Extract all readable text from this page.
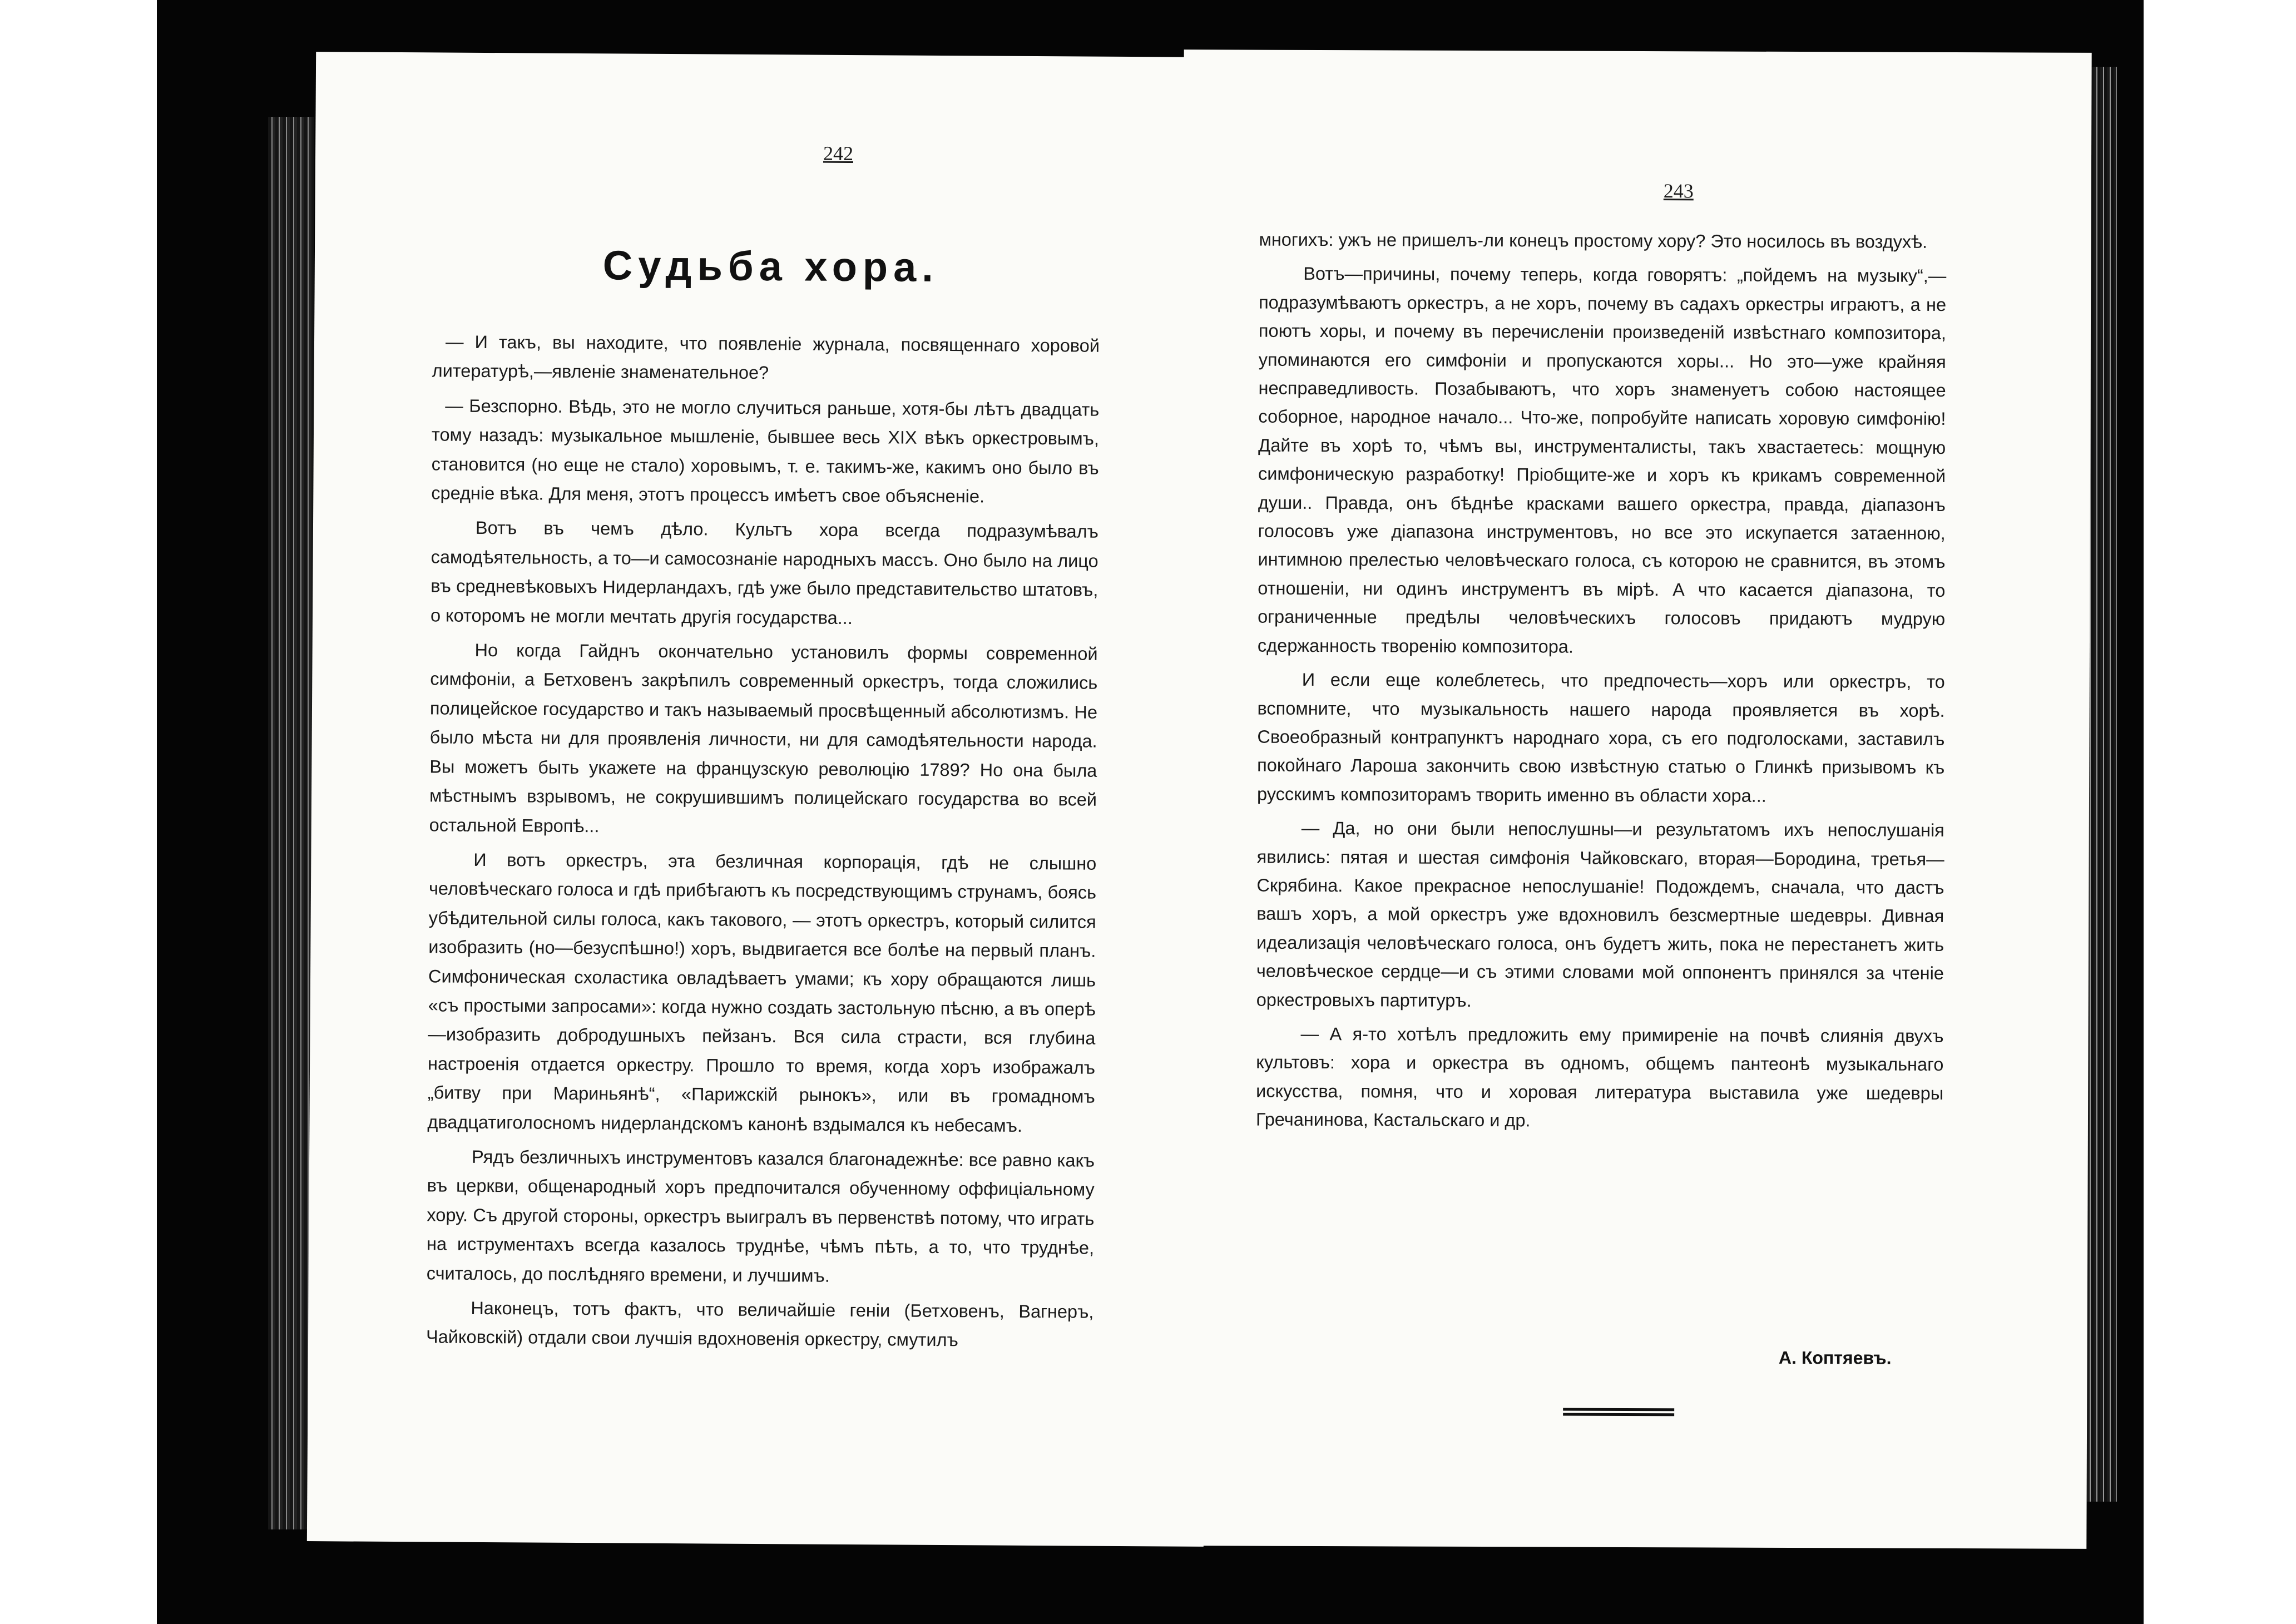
242
Судьба хора.

— И такъ, вы находите, что появленіе журнала, посвященнаго хоровой литературѣ,—явленіе знаменательное?

— Безспорно. Вѣдь, это не могло случиться раньше, хотя-бы лѣтъ двадцать тому назадъ: музыкальное мышленіе, бывшее весь XIX вѣкъ оркестровымъ, становится (но еще не стало) хоровымъ, т. е. такимъ-же, какимъ оно было въ средніе вѣка. Для меня, этотъ процессъ имѣетъ свое объясненіе.

Вотъ въ чемъ дѣло. Культъ хора всегда подразумѣвалъ самодѣятельность, а то—и самосознаніе народныхъ массъ. Оно было на лицо въ средневѣковыхъ Нидерландахъ, гдѣ уже было представительство штатовъ, о которомъ не могли мечтать другія государства...

Но когда Гайднъ окончательно установилъ формы современной симфоніи, а Бетховенъ закрѣпилъ современный оркестръ, тогда сложились полицейское государство и такъ называемый просвѣщенный абсолютизмъ. Не было мѣста ни для проявленія личности, ни для самодѣятельности народа. Вы можетъ быть укажете на французскую революцію 1789? Но она была мѣстнымъ взрывомъ, не сокрушившимъ полицейскаго государства во всей остальной Европѣ...

И вотъ оркестръ, эта безличная корпорація, гдѣ не слышно человѣческаго голоса и гдѣ прибѣгаютъ къ посредствующимъ струнамъ, боясь убѣдительной силы голоса, какъ такового, — этотъ оркестръ, который силится изобразить (но—безуспѣшно!) хоръ, выдвигается все болѣе на первый планъ. Симфоническая схоластика овладѣваетъ умами; къ хору обращаются лишь «съ простыми запросами»: когда нужно создать застольную пѣсню, а въ оперѣ—изобразить добродушныхъ пейзанъ. Вся сила страсти, вся глубина настроенія отдается оркестру. Прошло то время, когда хоръ изображалъ „битву при Мариньянѣ“, «Парижскій рынокъ», или въ громадномъ двадцатиголосномъ нидерландскомъ канонѣ вздымался къ небесамъ.

Рядъ безличныхъ инструментовъ казался благонадежнѣе: все равно какъ въ церкви, общенародный хоръ предпочитался обученному оффиціальному хору. Съ другой стороны, оркестръ выигралъ въ первенствѣ потому, что играть на иструментахъ всегда казалось труднѣе, чѣмъ пѣть, а то, что труднѣе, считалось, до послѣдняго времени, и лучшимъ.

Наконецъ, тотъ фактъ, что величайшіе геніи (Бетховенъ, Вагнеръ, Чайковскій) отдали свои лучшія вдохновенія оркестру, смутилъ

243

многихъ: ужъ не пришелъ-ли конецъ простому хору? Это носилось въ воздухѣ.

Вотъ—причины, почему теперь, когда говорятъ: „пойдемъ на музыку“,—подразумѣваютъ оркестръ, а не хоръ, почему въ садахъ оркестры играютъ, а не поютъ хоры, и почему въ перечисленіи произведеній извѣстнаго композитора, упоминаются его симфоніи и пропускаются хоры... Но это—уже крайняя несправедливость. Позабываютъ, что хоръ знаменуетъ собою настоящее соборное, народное начало... Что-же, попробуйте написать хоровую симфонію! Дайте въ хорѣ то, чѣмъ вы, инструменталисты, такъ хвастаетесь: мощную симфоническую разработку! Пріобщите-же и хоръ къ крикамъ современной души.. Правда, онъ бѣднѣе красками вашего оркестра, правда, діапазонъ голосовъ уже діапазона инструментовъ, но все это искупается затаенною, интимною прелестью человѣческаго голоса, съ которою не сравнится, въ этомъ отношеніи, ни одинъ инструментъ въ мірѣ. А что касается діапазона, то ограниченные предѣлы человѣческихъ голосовъ придаютъ мудрую сдержанность творенію композитора.

И если еще колеблетесь, что предпочесть—хоръ или оркестръ, то вспомните, что музыкальность нашего народа проявляется въ хорѣ. Своеобразный контрапунктъ народнаго хора, съ его подголосками, заставилъ покойнаго Лароша закончить свою извѣстную статью о Глинкѣ призывомъ къ русскимъ композиторамъ творить именно въ области хора...

— Да, но они были непослушны—и результатомъ ихъ непослушанія явились: пятая и шестая симфонія Чайковскаго, вторая—Бородина, третья—Скрябина. Какое прекрасное непослушаніе! Подождемъ, сначала, что дастъ вашъ хоръ, а мой оркестръ уже вдохновилъ безсмертные шедевры. Дивная идеализація человѣческаго голоса, онъ будетъ жить, пока не перестанетъ жить человѣческое сердце—и съ этими словами мой оппонентъ принялся за чтеніе оркестровыхъ партитуръ.

— А я-то хотѣлъ предложить ему примиреніе на почвѣ слиянія двухъ культовъ: хора и оркестра въ одномъ, общемъ пантеонѣ музыкальнаго искусства, помня, что и хоровая литература выставила уже шедевры Гречанинова, Кастальскаго и др.

А. Коптяевъ.
